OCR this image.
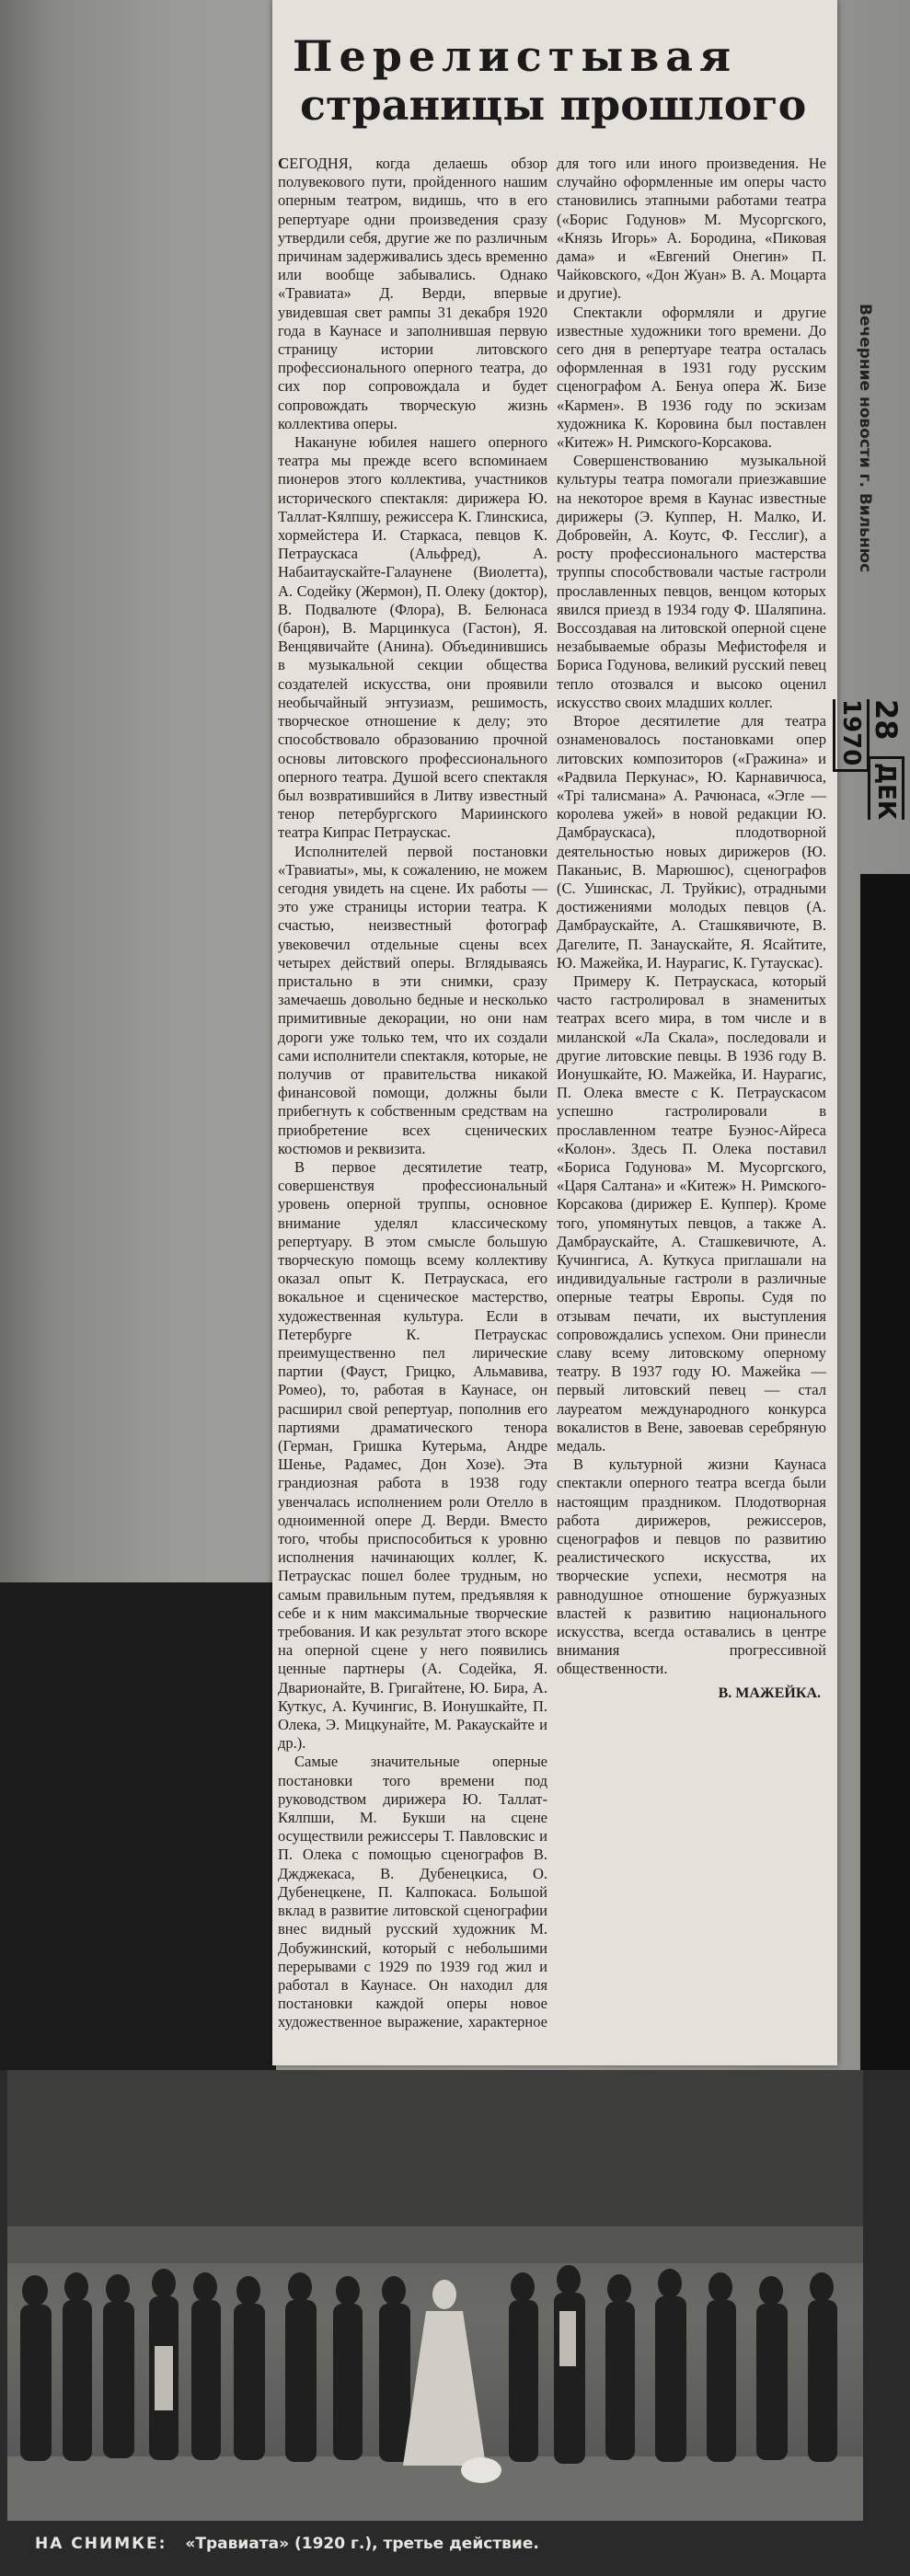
Перелистывая
страницы прошлого

СЕГОДНЯ, когда делаешь обзор полувекового пути, пройденного нашим оперным театром, видишь, что в его репертуаре одни произведения сразу утвердили себя, другие же по различным причинам задерживались здесь временно или вообще забывались. Однако «Травиата» Д. Верди, впервые увидевшая свет рампы 31 декабря 1920 года в Каунасе и заполнившая первую страницу истории литовского профессионального оперного театра, до сих пор сопровождала и будет сопровождать творческую жизнь коллектива оперы.

Накануне юбилея нашего оперного театра мы прежде всего вспоминаем пионеров этого коллектива, участников исторического спектакля: дирижера Ю. Таллат-Кялпшу, режиссера К. Глинскиса, хормейстера И. Старкаса, певцов К. Петраускаса (Альфред), А. Набаитаускайте-Галаунене (Виолетта), А. Содейку (Жермон), П. Олеку (доктор), В. Подвалюте (Флора), В. Белюнаса (барон), В. Марцинкуса (Гастон), Я. Венцявичайте (Анина). Объединившись в музыкальной секции общества создателей искусства, они проявили необычайный энтузиазм, решимость, творческое отношение к делу; это способствовало образованию прочной основы литовского профессионального оперного театра. Душой всего спектакля был возвратившийся в Литву известный тенор петербургского Мариинского театра Кипрас Петраускас.

Исполнителей первой постановки «Травиаты», мы, к сожалению, не можем сегодня увидеть на сцене. Их работы — это уже страницы истории театра. К счастью, неизвестный фотограф увековечил отдельные сцены всех четырех действий оперы. Вглядываясь пристально в эти снимки, сразу замечаешь довольно бедные и несколько примитивные декорации, но они нам дороги уже только тем, что их создали сами исполнители спектакля, которые, не получив от правительства никакой финансовой помощи, должны были прибегнуть к собственным средствам на приобретение всех сценических костюмов и реквизита.

В первое десятилетие театр, совершенствуя профессиональный уровень оперной труппы, основное внимание уделял классическому репертуару. В этом смысле большую творческую помощь всему коллективу оказал опыт К. Петраускаса, его вокальное и сценическое мастерство, художественная культура. Если в Петербурге К. Петраускас преимущественно пел лирические партии (Фауст, Грицко, Альмавива, Ромео), то, работая в Каунасе, он расширил свой репертуар, пополнив его партиями драматического тенора (Герман, Гришка Кутерьма, Андре Шенье, Радамес, Дон Хозе). Эта грандиозная работа в 1938 году увенчалась исполнением роли Отелло в одноименной опере Д. Верди. Вместо того, чтобы приспособиться к уровню исполнения начинающих коллег, К. Петраускас пошел более трудным, но самым правильным путем, предъявляя к себе и к ним максимальные творческие требования. И как результат этого вскоре на оперной сцене у него появились ценные партнеры (А. Содейка, Я. Дварионайте, В. Григайтене, Ю. Бира, А. Куткус, А. Кучингис, В. Ионушкайте, П. Олека, Э. Мицкунайте, М. Ракаускайте и др.).

Самые значительные оперные постановки того времени под руководством дирижера Ю. Таллат-Кялпши, М. Букши на сцене осуществили режиссеры Т. Павловскис и П. Олека с помощью сценографов В. Джджекаса, В. Дубенецкиса, О. Дубенецкене, П. Калпокаса. Большой вклад в развитие литовской сценографии внес видный русский художник М. Добужинский, который с небольшими перерывами с 1929 по 1939 год жил и работал в Каунасе. Он находил для постановки каждой оперы новое художественное выражение, характерное для того или иного произведения. Не случайно оформленные им оперы часто становились этапными работами театра («Борис Годунов» М. Мусоргского, «Князь Игорь» А. Бородина, «Пиковая дама» и «Евгений Онегин» П. Чайковского, «Дон Жуан» В. А. Моцарта и другие).

Спектакли оформляли и другие известные художники того времени. До сего дня в репертуаре театра осталась оформленная в 1931 году русским сценографом А. Бенуа опера Ж. Бизе «Кармен». В 1936 году по эскизам художника К. Коровина был поставлен «Китеж» Н. Римского-Корсакова.

Совершенствованию музыкальной культуры театра помогали приезжавшие на некоторое время в Каунас известные дирижеры (Э. Куппер, Н. Малко, И. Добровейн, А. Коутс, Ф. Гесслиг), а росту профессионального мастерства труппы способствовали частые гастроли прославленных певцов, венцом которых явился приезд в 1934 году Ф. Шаляпина. Воссоздавая на литовской оперной сцене незабываемые образы Мефистофеля и Бориса Годунова, великий русский певец тепло отозвался и высоко оценил искусство своих младших коллег.

Второе десятилетие для театра ознаменовалось постановками опер литовских композиторов («Гражина» и «Радвила Перкунас», Ю. Карнавичюса, «Трі талисмана» А. Рачюнаса, «Эгле — королева ужей» в новой редакции Ю. Дамбраускаса), плодотворной деятельностью новых дирижеров (Ю. Паканьис, В. Марюшюс), сценографов (С. Ушинскас, Л. Труйкис), отрадными достижениями молодых певцов (А. Дамбраускайте, А. Сташкявичюте, В. Дагелите, П. Занаускайте, Я. Ясайтите, Ю. Мажейка, И. Наурагис, К. Гутаускас).

Примеру К. Петраускаса, который часто гастролировал в знаменитых театрах всего мира, в том числе и в миланской «Ла Скала», последовали и другие литовские певцы. В 1936 году В. Ионушкайте, Ю. Мажейка, И. Наурагис, П. Олека вместе с К. Петраускасом успешно гастролировали в прославленном театре Буэнос-Айреса «Колон». Здесь П. Олека поставил «Бориса Годунова» М. Мусоргского, «Царя Салтана» и «Китеж» Н. Римского-Корсакова (дирижер Е. Куппер). Кроме того, упомянутых певцов, а также А. Дамбраускайте, А. Сташкевичюте, А. Кучингиса, А. Куткуса приглашали на индивидуальные гастроли в различные оперные театры Европы. Судя по отзывам печати, их выступления сопровождались успехом. Они принесли славу всему литовскому оперному театру. В 1937 году Ю. Мажейка — первый литовский певец — стал лауреатом международного конкурса вокалистов в Вене, завоевав серебряную медаль.

В культурной жизни Каунаса спектакли оперного театра всегда были настоящим праздником. Плодотворная работа дирижеров, режиссеров, сценографов и певцов по развитию реалистического искусства, их творческие успехи, несмотря на равнодушное отношение буржуазных властей к развитию национального искусства, всегда оставались в центре внимания прогрессивной общественности.

В. МАЖЕЙКА.
Вечерние новости г. Вильнюс
28 ДЕК 1970
НА СНИМКЕ: «Травиата» (1920 г.), третье действие.
